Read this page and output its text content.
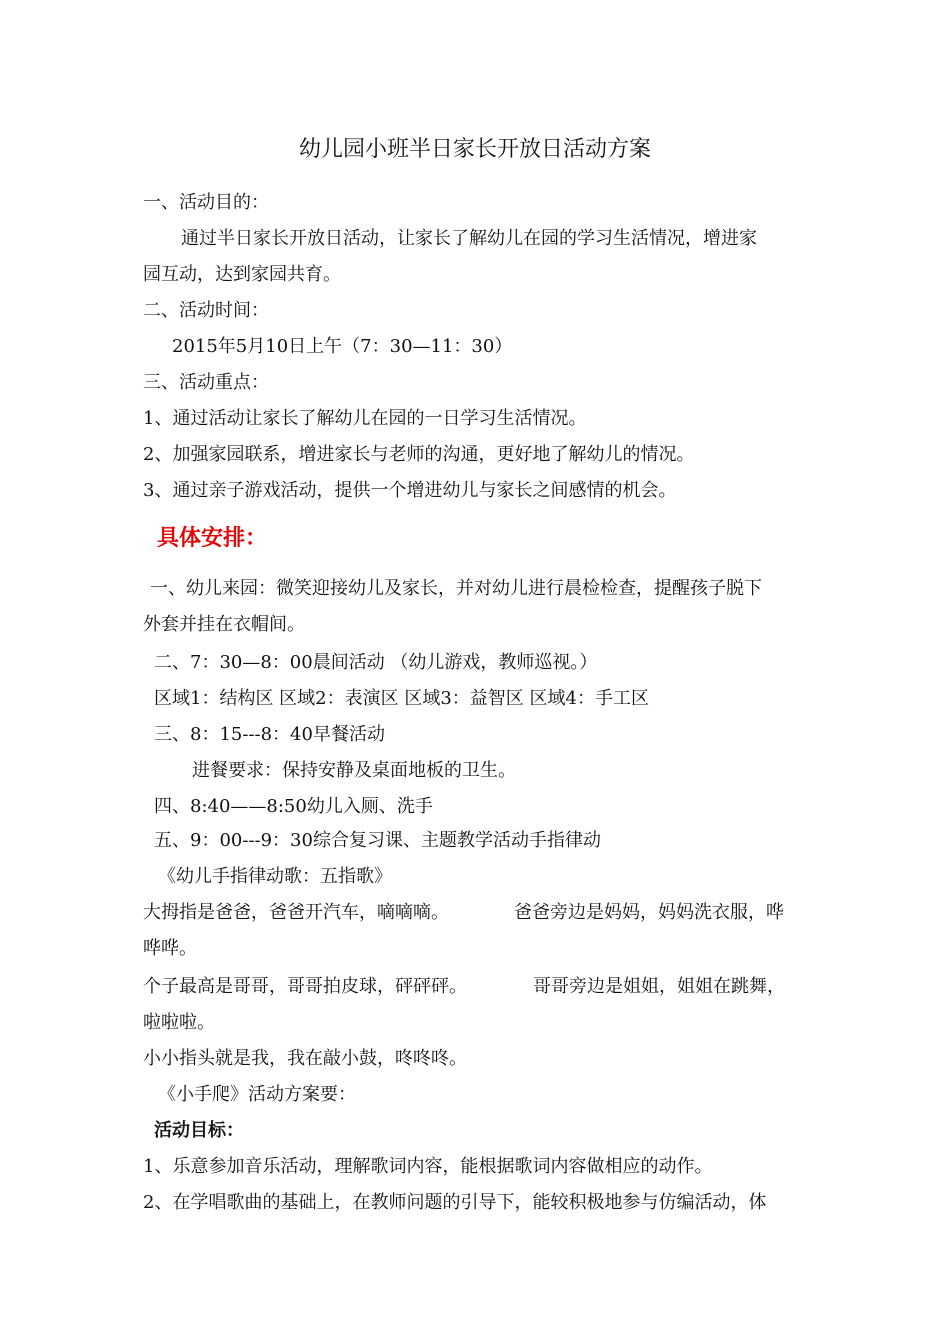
幼儿园小班半日家长开放日活动方案
一、活动目的：
通过半日家长开放日活动，让家长了解幼儿在园的学习生活情况，增进家
园互动，达到家园共育。
二、活动时间：
2015年5月10日上午（7：30—11：30）
三、活动重点：
1、通过活动让家长了解幼儿在园的一日学习生活情况。
2、加强家园联系，增进家长与老师的沟通，更好地了解幼儿的情况。
3、通过亲子游戏活动，提供一个增进幼儿与家长之间感情的机会。
具体安排：
一、幼儿来园：微笑迎接幼儿及家长，并对幼儿进行晨检检查，提醒孩子脱下
外套并挂在衣帽间。
二、7：30—8：00晨间活动 （幼儿游戏，教师巡视。）
区域1：结构区 区域2：表演区 区域3：益智区 区域4：手工区
三、8：15---8：40早餐活动
进餐要求：保持安静及桌面地板的卫生。
四、8:40——8:50幼儿入厕、洗手
五、9：00---9：30综合复习课、主题教学活动手指律动
《幼儿手指律动歌：五指歌》
大拇指是爸爸，爸爸开汽车，嘀嘀嘀。	爸爸旁边是妈妈，妈妈洗衣服，哗
哗哗。
个子最高是哥哥，哥哥拍皮球，砰砰砰。	哥哥旁边是姐姐，姐姐在跳舞，
啦啦啦。
小小指头就是我，我在敲小鼓，咚咚咚。
《小手爬》活动方案要：
活动目标：
1、乐意参加音乐活动，理解歌词内容，能根据歌词内容做相应的动作。
2、在学唱歌曲的基础上，在教师问题的引导下，能较积极地参与仿编活动，体
